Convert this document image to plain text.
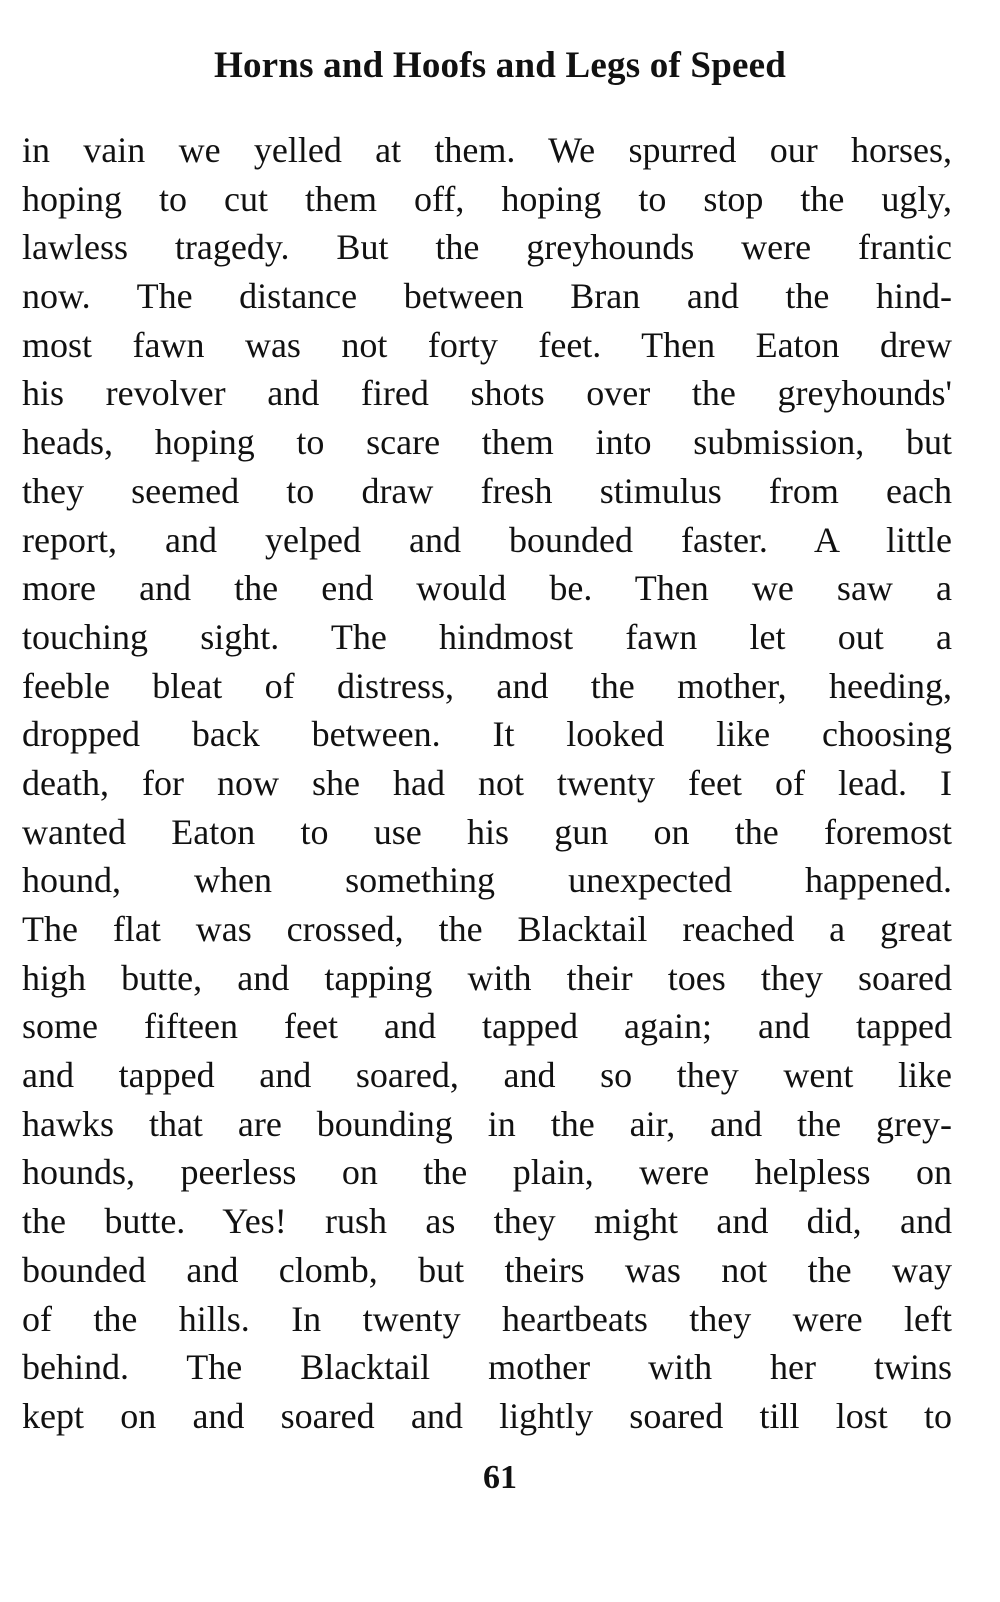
Horns and Hoofs and Legs of Speed
in vain we yelled at them. We spurred our horses,
hoping to cut them off, hoping to stop the ugly,
lawless tragedy. But the greyhounds were frantic
now. The distance between Bran and the hind-
most fawn was not forty feet. Then Eaton drew
his revolver and fired shots over the greyhounds'
heads, hoping to scare them into submission, but
they seemed to draw fresh stimulus from each
report, and yelped and bounded faster. A little
more and the end would be. Then we saw a
touching sight. The hindmost fawn let out a
feeble bleat of distress, and the mother, heeding,
dropped back between. It looked like choosing
death, for now she had not twenty feet of lead. I
wanted Eaton to use his gun on the foremost
hound, when something unexpected happened.
The flat was crossed, the Blacktail reached a great
high butte, and tapping with their toes they soared
some fifteen feet and tapped again; and tapped
and tapped and soared, and so they went like
hawks that are bounding in the air, and the grey-
hounds, peerless on the plain, were helpless on
the butte. Yes! rush as they might and did, and
bounded and clomb, but theirs was not the way
of the hills. In twenty heartbeats they were left
behind. The Blacktail mother with her twins
kept on and soared and lightly soared till lost to
61
